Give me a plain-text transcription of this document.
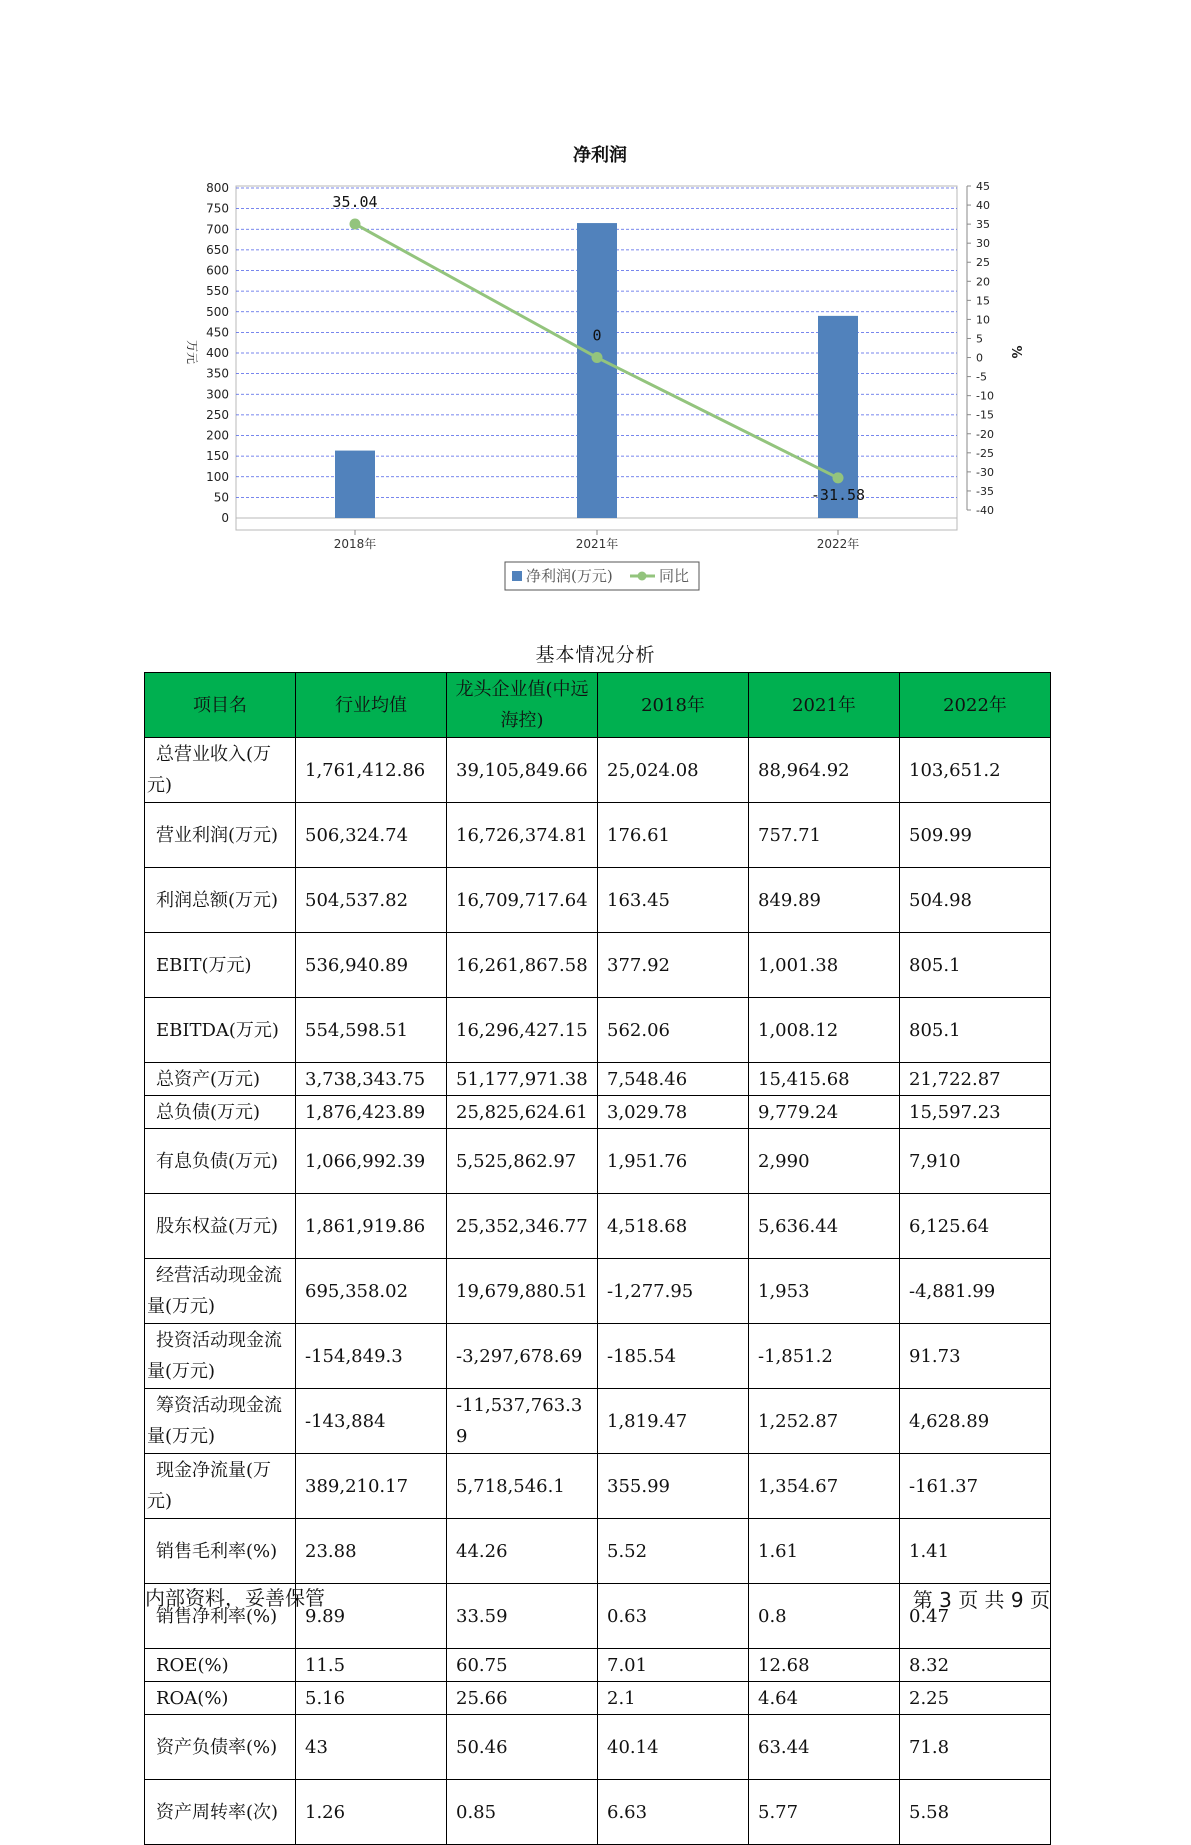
0
50
100
150
200
250
300
350
400
450
500
550
600
650
700
750
800
-40
-35
-30
-25
-20
-15
-10
-5
0
5
10
15
20
25
30
35
40
45
万元	%
净利润
2018年	2021年	2022年
35.04
0
-31.58
净利润(万元)	同比
基本情况分析
项目名	行业均值	龙头企业值(中远海控)	2018年	2021年	2022年
总营业收入(万元)	1,761,412.86	39,105,849.66	25,024.08	88,964.92	103,651.2
营业利润(万元)	506,324.74	16,726,374.81	176.61	757.71	509.99
利润总额(万元)	504,537.82	16,709,717.64	163.45	849.89	504.98
EBIT(万元)	536,940.89	16,261,867.58	377.92	1,001.38	805.1
EBITDA(万元)	554,598.51	16,296,427.15	562.06	1,008.12	805.1
总资产(万元)	3,738,343.75	51,177,971.38	7,548.46	15,415.68	21,722.87
总负债(万元)	1,876,423.89	25,825,624.61	3,029.78	9,779.24	15,597.23
有息负债(万元)	1,066,992.39	5,525,862.97	1,951.76	2,990	7,910
股东权益(万元)	1,861,919.86	25,352,346.77	4,518.68	5,636.44	6,125.64
经营活动现金流量(万元)	695,358.02	19,679,880.51	-1,277.95	1,953	-4,881.99
投资活动现金流量(万元)	-154,849.3	-3,297,678.69	-185.54	-1,851.2	91.73
筹资活动现金流量(万元)	-143,884	-11,537,763.39	1,819.47	1,252.87	4,628.89
现金净流量(万元)	389,210.17	5,718,546.1	355.99	1,354.67	-161.37
销售毛利率(%)	23.88	44.26	5.52	1.61	1.41
销售净利率(%)	9.89	33.59	0.63	0.8	0.47
ROE(%)	11.5	60.75	7.01	12.68	8.32
ROA(%)	5.16	25.66	2.1	4.64	2.25
资产负债率(%)	43	50.46	40.14	63.44	71.8
资产周转率(次)	1.26	0.85	6.63	5.77	5.58
内部资料，妥善保管	第 3 页 共 9 页
